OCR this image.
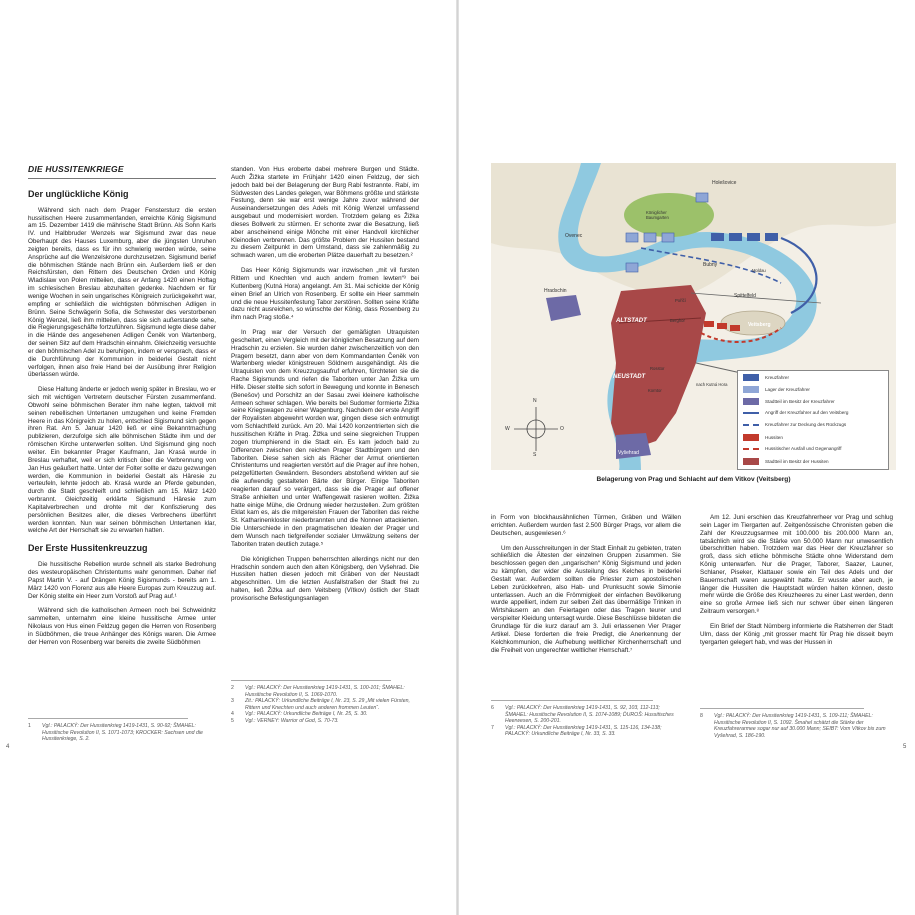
DIE HUSSITENKRIEGE
Der unglückliche König

Während sich nach dem Prager Fenstersturz die ersten hussitischen Heere zusammenfanden, erreichte König Sigismund am 15. Dezember 1419 die mährische Stadt Brünn. Als Sohn Karls IV. und Halbbruder Wenzels war Sigismund zwar das neue Oberhaupt des Hauses Luxemburg, aber die jüngsten Unruhen zeigten bereits, dass es für ihn schwierig werden würde, seine Ansprüche auf die Wenzelskrone durchzusetzen. Sigismund berief die böhmischen Stände nach Brünn ein. Außerdem ließ er den Reichsfürsten, den Rittern des Deutschen Orden und König Wladislaw von Polen mitteilen, dass er Anfang 1420 einen Hoftag im schlesischen Breslau abzuhalten gedenke. Nachdem er für wenige Wochen in sein ungarisches Königreich zurückgekehrt war, empfing er schließlich die wichtigsten böhmischen Adligen in Brünn. Seine Schwägerin Sofia, die Schwester des verstorbenen König Wenzel, ließ ihm mitteilen, dass sie sich außerstande sehe, die Regierungsgeschäfte fortzuführen. Sigismund legte diese daher in die Hände des angesehenen Adligen Čeněk von Wartenberg, der seinen Sitz auf dem Hradschin einnahm. Gleichzeitig versuchte er den böhmischen Adel zu beruhigen, indem er versprach, dass er die Durchführung der Kommunion in beiderlei Gestalt nicht verfolgen, ihnen also freie Hand bei der Ausübung ihrer Religion überlassen würde.

Diese Haltung änderte er jedoch wenig später in Breslau, wo er sich mit wichtigen Vertretern deutscher Fürsten zusammenfand. Obwohl seine böhmischen Berater ihm nahe legten, taktvoll mit seinen rebellischen Untertanen umzugehen und keine Fremden Heere in das Königreich zu holen, entschied Sigismund sich gegen ihren Rat. Am 5. Januar 1420 ließ er eine Bekanntmachung publizieren, derzufolge sich alle böhmischen Städte ihm und der römischen Kirche unterwerfen sollten. Und Sigismund ging noch weiter. Ein bekannter Prager Kaufmann, Jan Krasá wurde in Breslau verhaftet, weil er sich kritisch über die Verbrennung von Jan Hus geäußert hatte. Unter der Folter sollte er dazu gezwungen werden, die Kommunion in beiderlei Gestalt als Häresie zu verteufeln, lehnte jedoch ab. Krasá wurde an Pferde gebunden, durch die Stadt geschleift und schließlich am 15. März 1420 verbrannt. Gleichzeitig erklärte Sigismund Häresie zum Kapitalverbrechen und drohte mit der Konfiszierung des persönlichen Besitzes aller, die dieses Verbrechens überführt werden konnten. Nun war seinen böhmischen Untertanen klar, welche Art der Herrschaft sie zu erwarten hatten.

Der Erste Hussitenkreuzzug

Die hussitische Rebellion wurde schnell als starke Bedrohung des westeuropäischen Christentums wahr genommen. Daher rief Papst Martin V. - auf Drängen König Sigismunds - bereits am 1. März 1420 von Florenz aus alle Heere Europas zum Kreuzzug auf. Der König stellte ein Heer zum Vorstoß auf Prag auf.¹

Während sich die katholischen Armeen noch bei Schweidnitz sammelten, unternahm eine kleine hussitische Armee unter Nikolaus von Hus einen Feldzug gegen die Herren von Rosenberg in Südböhmen, die treue Anhänger des Königs waren. Die Armee der Herren von Rosenberg war bereits die zweite Südböhmen

1	Vgl.: PALACKÝ: Der Hussitenkrieg 1419-1431, S. 90-92; ŠMAHEL: Hussitische Revolution II, S. 1071-1073; KROCKER: Sachsen und die Hussitenkriege, S. 2.

standen. Von Hus eroberte dabei mehrere Burgen und Städte. Auch Žižka startete im Frühjahr 1420 einen Feldzug, der sich jedoch bald bei der Belagerung der Burg Rabí festrannte. Rabí, im Südwesten des Landes gelegen, war Böhmens größte und stärkste Festung, denn sie war erst wenige Jahre zuvor während der Auseinandersetzungen des Adels mit König Wenzel umfassend ausgebaut und modernisiert worden. Trotzdem gelang es Žižka dieses Bollwerk zu stürmen. Er schonte zwar die Besatzung, ließ aber anscheinend einige Mönche mit einer Handvoll kirchlicher Kleinodien verbrennen. Das größte Problem der Hussiten bestand zu diesem Zeitpunkt in dem Umstand, dass sie zahlenmäßig zu schwach waren, um die eroberten Plätze dauerhaft zu besetzen.²

Das Heer König Sigismunds war inzwischen „mit vil fursten Rittern und Knechten vnd auch andern fromen lewten“³ bei Kuttenberg (Kutná Hora) angelangt. Am 31. Mai schickte der König einen Brief an Ulrich von Rosenberg. Er sollte ein Heer sammeln und die neue Hussitenfestung Tabor zerstören. Sollten seine Kräfte dazu nicht ausreichen, so wünschte der König, dass Rosenberg zu ihm nach Prag stoße.⁴

In Prag war der Versuch der gemäßigten Utraquisten gescheitert, einen Vergleich mit der königlichen Besatzung auf dem Hradschin zu erzielen. Sie wurden daher zwischenzeitlich von den Pragern besetzt, dann aber von dem Kommandanten Čeněk von Wartenberg wieder königstreuen Söldnern ausgehändigt. Als die Utraquisten von dem Kreuzzugsaufruf erfuhren, fürchteten sie die Rache Sigismunds und riefen die Taboriten unter Jan Žižka um Hilfe. Dieser stellte sich sofort in Bewegung und konnte in Benesch (Benešov) und Porschitz an der Sasau zwei kleinere katholische Armeen schwer schlagen. Wie bereits bei Sudomer formierte Žižka seine Kriegswagen zu einer Wagenburg. Nachdem der erste Angriff der Royalisten abgewehrt worden war, gingen diese sich entmutigt vom Schlachtfeld zurück. Am 20. Mai 1420 konzentrierten sich die hussitischen Kräfte in Prag. Žižka und seine siegreichen Truppen zogen triumphierend in die Stadt ein. Es kam jedoch bald zu Differenzen zwischen den reichen Prager Stadtbürgern und den Taboriten. Diese sahen sich als Rächer der Armut orientierten Christentums und reagierten verstört auf die Prager auf ihre hohen, pelzgefütterten Gewändern. Besonders abstoßend wirkten auf sie die aufwendig gestalteten Bärte der Bürger. Einige Taboriten reagierten darauf so verärgert, dass sie die Prager auf offener Straße anhielten und unter Waffengewalt rasieren wollten. Žižka hatte einige Mühe, die Ordnung wieder herzustellen. Zum größten Eklat kam es, als die mitgereisten Frauen der Taboriten das reiche St. Katharinenkloster niederbrannten und die Nonnen attackierten. Die Unterschiede in den pragmatischen Idealen der Prager und dem Wunsch nach tiefgreifender sozialer Umwälzung seitens der Taboriten traten deutlich zutage.⁵

Die königlichen Truppen beherrschten allerdings nicht nur den Hradschin sondern auch den alten Königsberg, den Vyšehrad. Die Hussiten hatten diesen jedoch mit Gräben von der Neustadt abgeschnitten. Um die letzten Ausfallstraßen der Stadt frei zu halten, ließ Žižka auf dem Veitsberg (Vítkov) östlich der Stadt provisorische Befestigungsanlagen

2	Vgl.: PALACKÝ: Der Hussitenkrieg 1419-1431, S. 100-101; ŠMAHEL: Hussitische Revolution II, S. 1069-1070.
3	Zit.: PALACKÝ: Urkundliche Beiträge I, Nr. 23, S. 29 „Mit vielen Fürsten, Rittern und Knechten und auch anderen frommen Leuten“.
4	Vgl.: PALACKÝ: Urkundliche Beiträge I, Nr. 25, S. 30.
5	Vgl.: VERNEY: Warrior of God, S. 70-73.
4
Holešovice
Ovenec
Königlicher Baumgarten
Bubny
Hradschin
ALTSTADT
NEUSTADT
Spittelfeld
Veitsberg
Vyšehrad
nach Kutná Hora
Poříčí
Berghor
Rosstor
Korntor
Moldau
N
S
W	O
Kreuzfahrer
Lager der Kreuzfahrer
Stadtteil im Besitz der Kreuzfahrer
Angriff der Kreuzfahrer auf den Veitsberg
Kreuzfahrer zur Deckung des Rückzugs
Hussiten
Hussitischer Ausfall und Gegenangriff
Stadtteil im Besitz der Hussiten
Belagerung von Prag und Schlacht auf dem Vitkov (Veitsberg)

in Form von blockhausähnlichen Türmen, Gräben und Wällen errichten. Außerdem wurden fast 2.500 Bürger Prags, vor allem die Deutschen, ausgewiesen.⁶

Um den Ausschreitungen in der Stadt Einhalt zu gebieten, traten schließlich die Ältesten der einzelnen Gruppen zusammen. Sie beschlossen gegen den „ungarischen“ König Sigismund und jeden zu kämpfen, der wider die Austeilung des Kelches in beiderlei Gestalt war. Außerdem sollten die Priester zum apostolischen Leben zurückkehren, also Hab- und Prunksucht sowie Simonie unterlassen. Auch an die Frömmigkeit der einfachen Bevölkerung wurde appelliert, indem zur selben Zeit das übermäßige Trinken in Wirtshäusern an den Feiertagen oder das Tragen teurer und verspielter Kleidung untersagt wurde. Diese Beschlüsse bildeten die Grundlage für die kurz darauf am 3. Juli erlassenen Vier Prager Artikel. Diese forderten die freie Predigt, die Anerkennung der Kelchkommunion, die Aufhebung weltlicher Kirchenherrschaft und die Freiheit von ungerechter weltlicher Herrschaft.⁷

6	Vgl.: PALACKÝ: Der Hussitenkrieg 1419-1431, S. 92, 103, 112-113; ŠMAHEL: Hussitische Revolution II, S. 1074-1089; ĎUROŠ: Hussitisches Heerwesen, S. 200-201.
7	Vgl.: PALACKÝ: Der Hussitenkrieg 1419-1431, S. 115-116, 134-138; PALACKÝ: Urkundliche Beiträge I, Nr. 33, S. 33.

Am 12. Juni erschien das Kreuzfahrerheer vor Prag und schlug sein Lager im Tiergarten auf. Zeitgenössische Chronisten geben die Zahl der Kreuzzugsarmee mit 100.000 bis 200.000 Mann an, tatsächlich wird sie die Stärke von 50.000 Mann nur unwesentlich überschritten haben. Trotzdem war das Heer der Kreuzfahrer so groß, dass sich etliche böhmische Städte ohne Widerstand dem König unterwarfen. Nur die Prager, Taborer, Saazer, Launer, Schlaner, Piseker, Klattauer sowie ein Teil des Adels und der Bauernschaft waren ausgewählt hatte. Er wusste aber auch, je länger die Hussiten die Hauptstadt würden halten können, desto mehr würde die Größe des Kreuzheeres zu einer Last werden, denn eine so große Armee ließ sich nur schwer über einen längeren Zeitraum versorgen.⁸

Ein Brief der Stadt Nürnberg informierte die Ratsherren der Stadt Ulm, dass der König „mit grosser macht für Prag hie disseit beym tyergarten gelegert hab, vnd was der Hussen in

8	Vgl.: PALACKÝ: Der Hussitenkrieg 1419-1431, S. 109-111; ŠMAHEL: Hussitische Revolution II, S. 1092. Šmahel schätzt die Stärke der Kreuzfahrerarmee sogar nur auf 30.000 Mann; SEIBT: Vom Vítkov bis zum Vyšehrad, S. 186-190.
5
